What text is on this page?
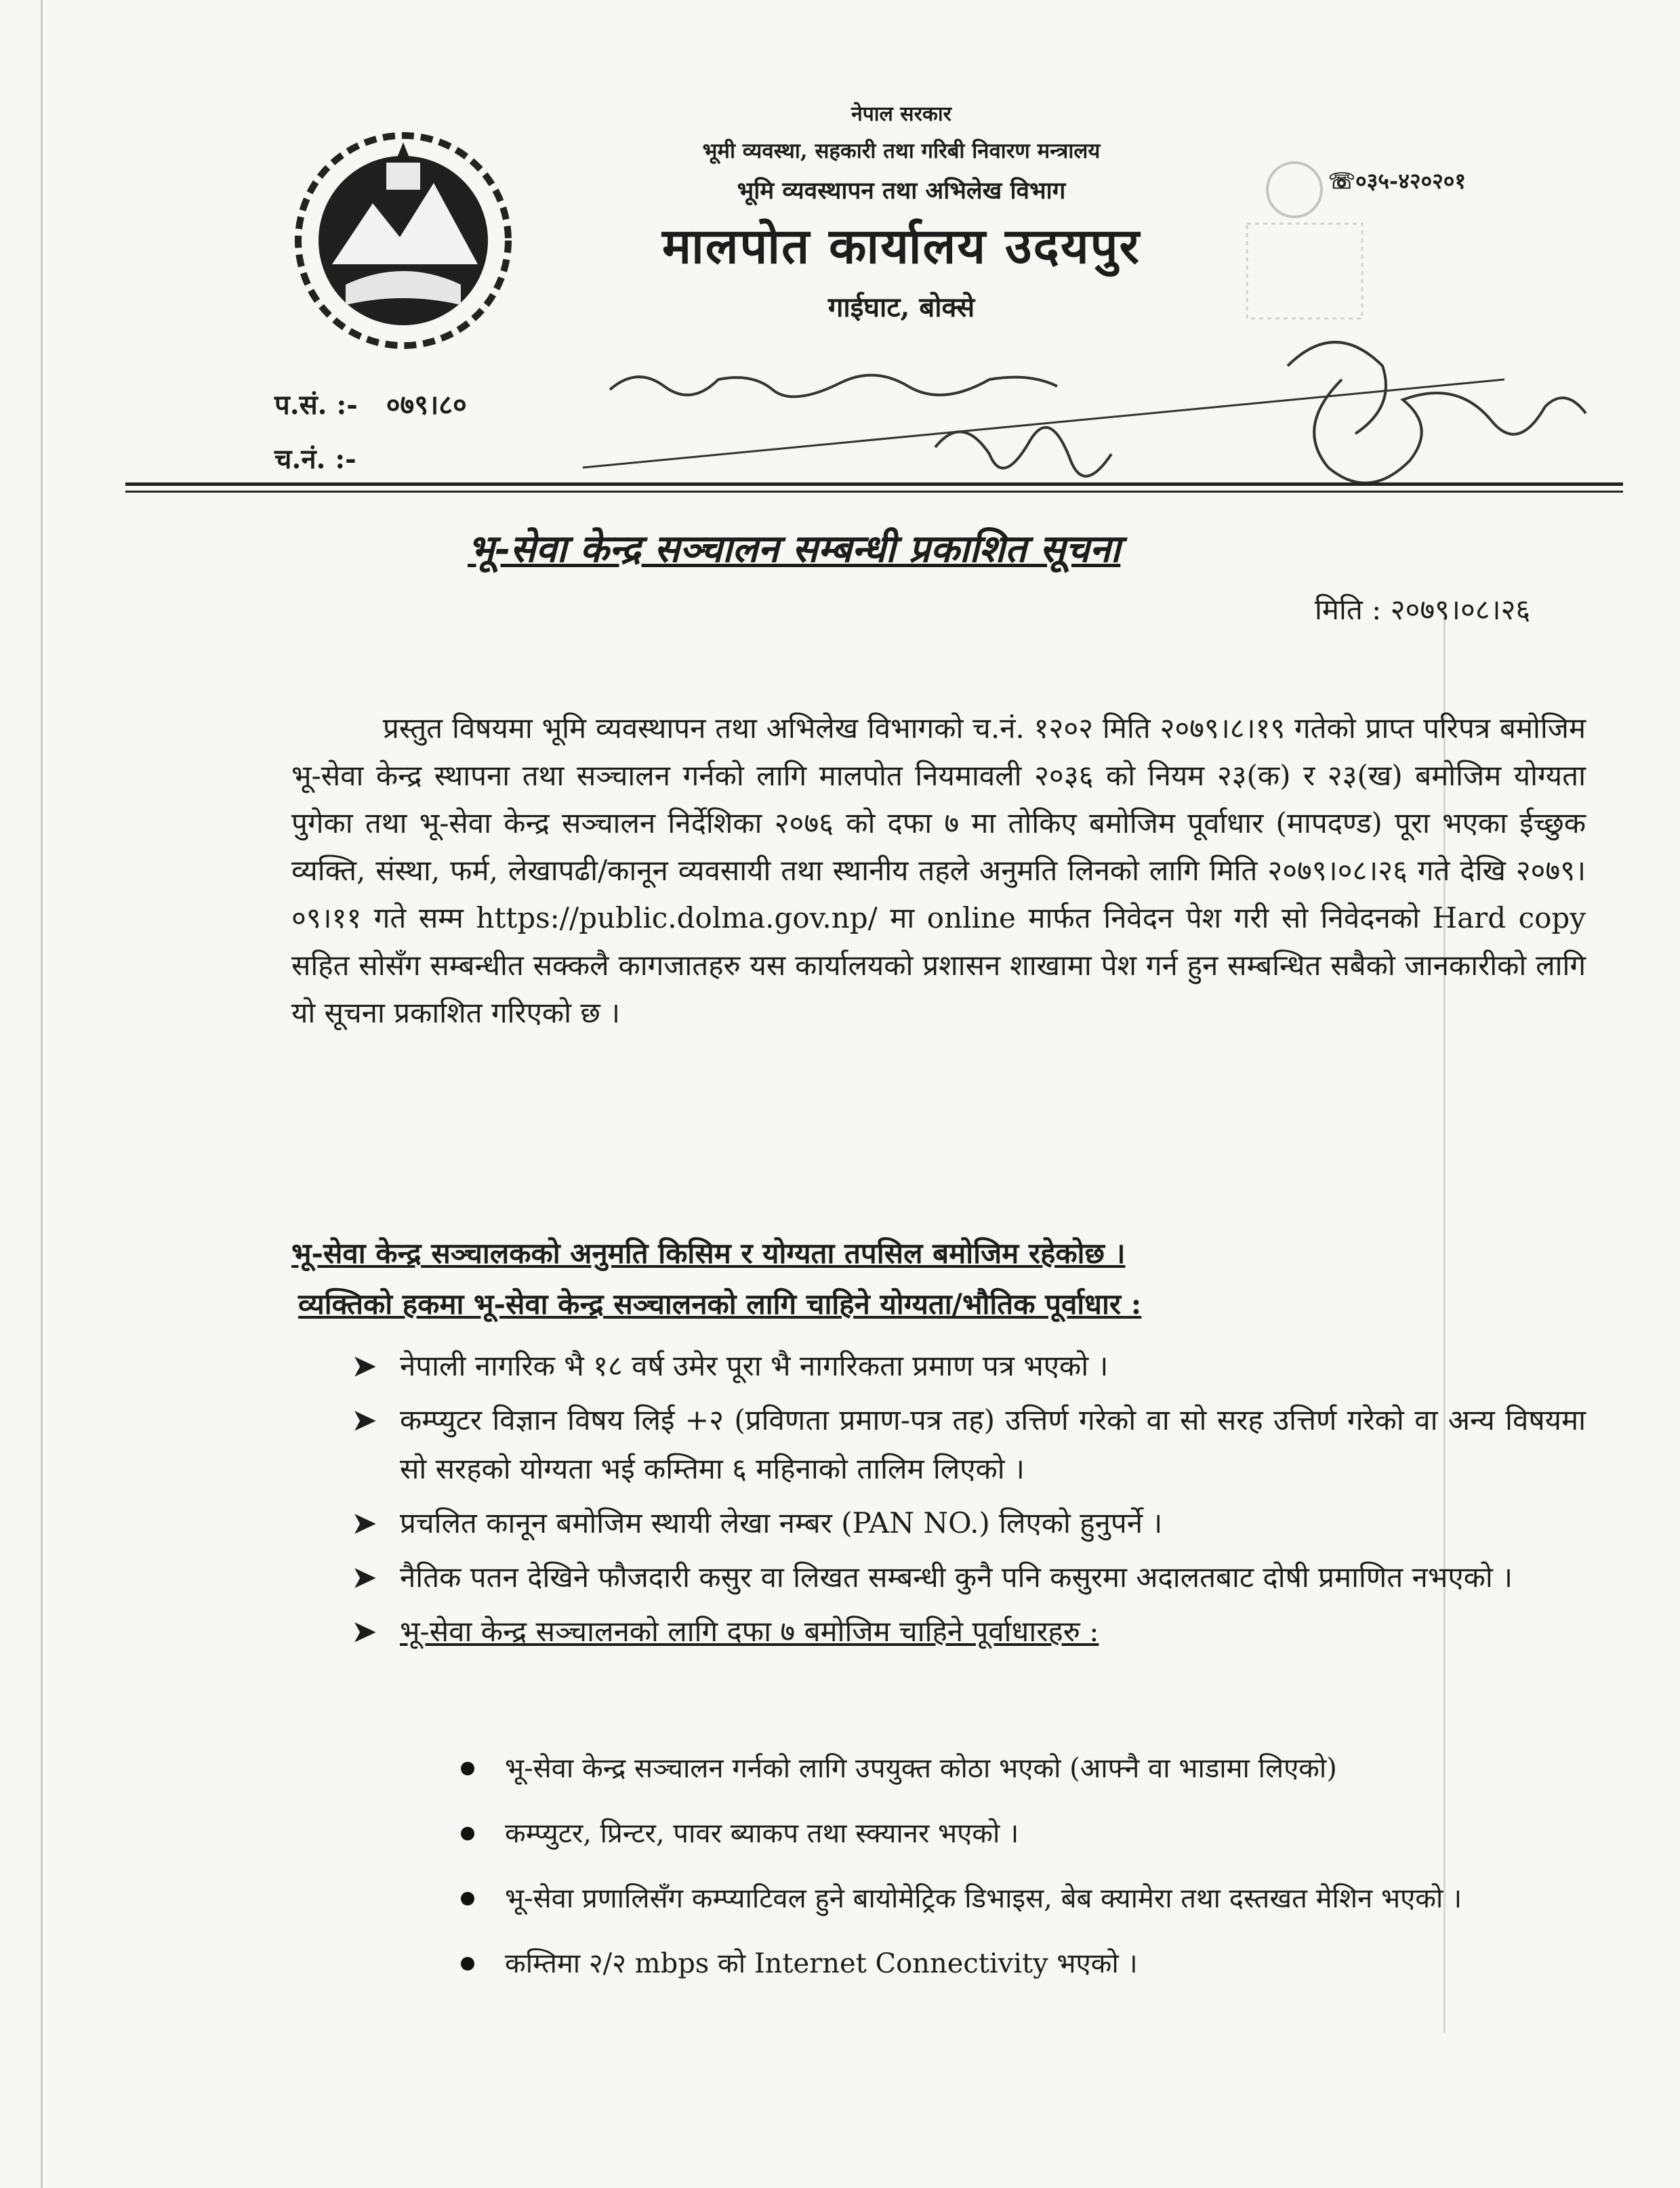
नेपाल सरकार
भूमी व्यवस्था, सहकारी तथा गरिबी निवारण मन्त्रालय
भूमि व्यवस्थापन तथा अभिलेख विभाग
मालपोत कार्यालय उदयपुर
गाईघाट, बोक्से
☏०३५-४२०२०१
प.सं. :- ०७९।८०
च.नं. :-
भू-सेवा केन्द्र सञ्चालन सम्बन्धी प्रकाशित सूचना
मिति : २०७९।०८।२६

प्रस्तुत विषयमा भूमि व्यवस्थापन तथा अभिलेख विभागको च.नं. १२०२ मिति २०७९।८।१९ गतेको प्राप्त परिपत्र बमोजिम भू-सेवा केन्द्र स्थापना तथा सञ्चालन गर्नको लागि मालपोत नियमावली २०३६ को नियम २३(क) र २३(ख) बमोजिम योग्यता पुगेका तथा भू-सेवा केन्द्र सञ्चालन निर्देशिका २०७६ को दफा ७ मा तोकिए बमोजिम पूर्वाधार (मापदण्ड) पूरा भएका ईच्छुक व्यक्ति, संस्था, फर्म, लेखापढी/कानून व्यवसायी तथा स्थानीय तहले अनुमति लिनको लागि मिति २०७९।०८।२६ गते देखि २०७९।०९।११ गते सम्म https://public.dolma.gov.np/ मा online मार्फत निवेदन पेश गरी सो निवेदनको Hard copy सहित सोसँग सम्बन्धीत सक्कलै कागजातहरु यस कार्यालयको प्रशासन शाखामा पेश गर्न हुन सम्बन्धित सबैको जानकारीको लागि यो सूचना प्रकाशित गरिएको छ ।

भू-सेवा केन्द्र सञ्चालकको अनुमति किसिम र योग्यता तपसिल बमोजिम रहेकोछ ।
व्यक्तिको हकमा भू-सेवा केन्द्र सञ्चालनको लागि चाहिने योग्यता/भौतिक पूर्वाधार :
➤ नेपाली नागरिक भै १८ वर्ष उमेर पूरा भै नागरिकता प्रमाण पत्र भएको ।
➤ कम्प्युटर विज्ञान विषय लिई +२ (प्रविणता प्रमाण-पत्र तह) उत्तिर्ण गरेको वा सो सरह उत्तिर्ण गरेको वा अन्य विषयमा सो सरहको योग्यता भई कम्तिमा ६ महिनाको तालिम लिएको ।
➤ प्रचलित कानून बमोजिम स्थायी लेखा नम्बर (PAN NO.) लिएको हुनुपर्ने ।
➤ नैतिक पतन देखिने फौजदारी कसुर वा लिखत सम्बन्धी कुनै पनि कसुरमा अदालतबाट दोषी प्रमाणित नभएको ।
➤ भू-सेवा केन्द्र सञ्चालनको लागि दफा ७ बमोजिम चाहिने पूर्वाधारहरु :
भू-सेवा केन्द्र सञ्चालन गर्नको लागि उपयुक्त कोठा भएको (आफ्नै वा भाडामा लिएको)
कम्प्युटर, प्रिन्टर, पावर ब्याकप तथा स्क्यानर भएको ।
भू-सेवा प्रणालिसँग कम्प्याटिवल हुने बायोमेट्रिक डिभाइस, बेब क्यामेरा तथा दस्तखत मेशिन भएको ।
कम्तिमा २/२ mbps को Internet Connectivity भएको ।
